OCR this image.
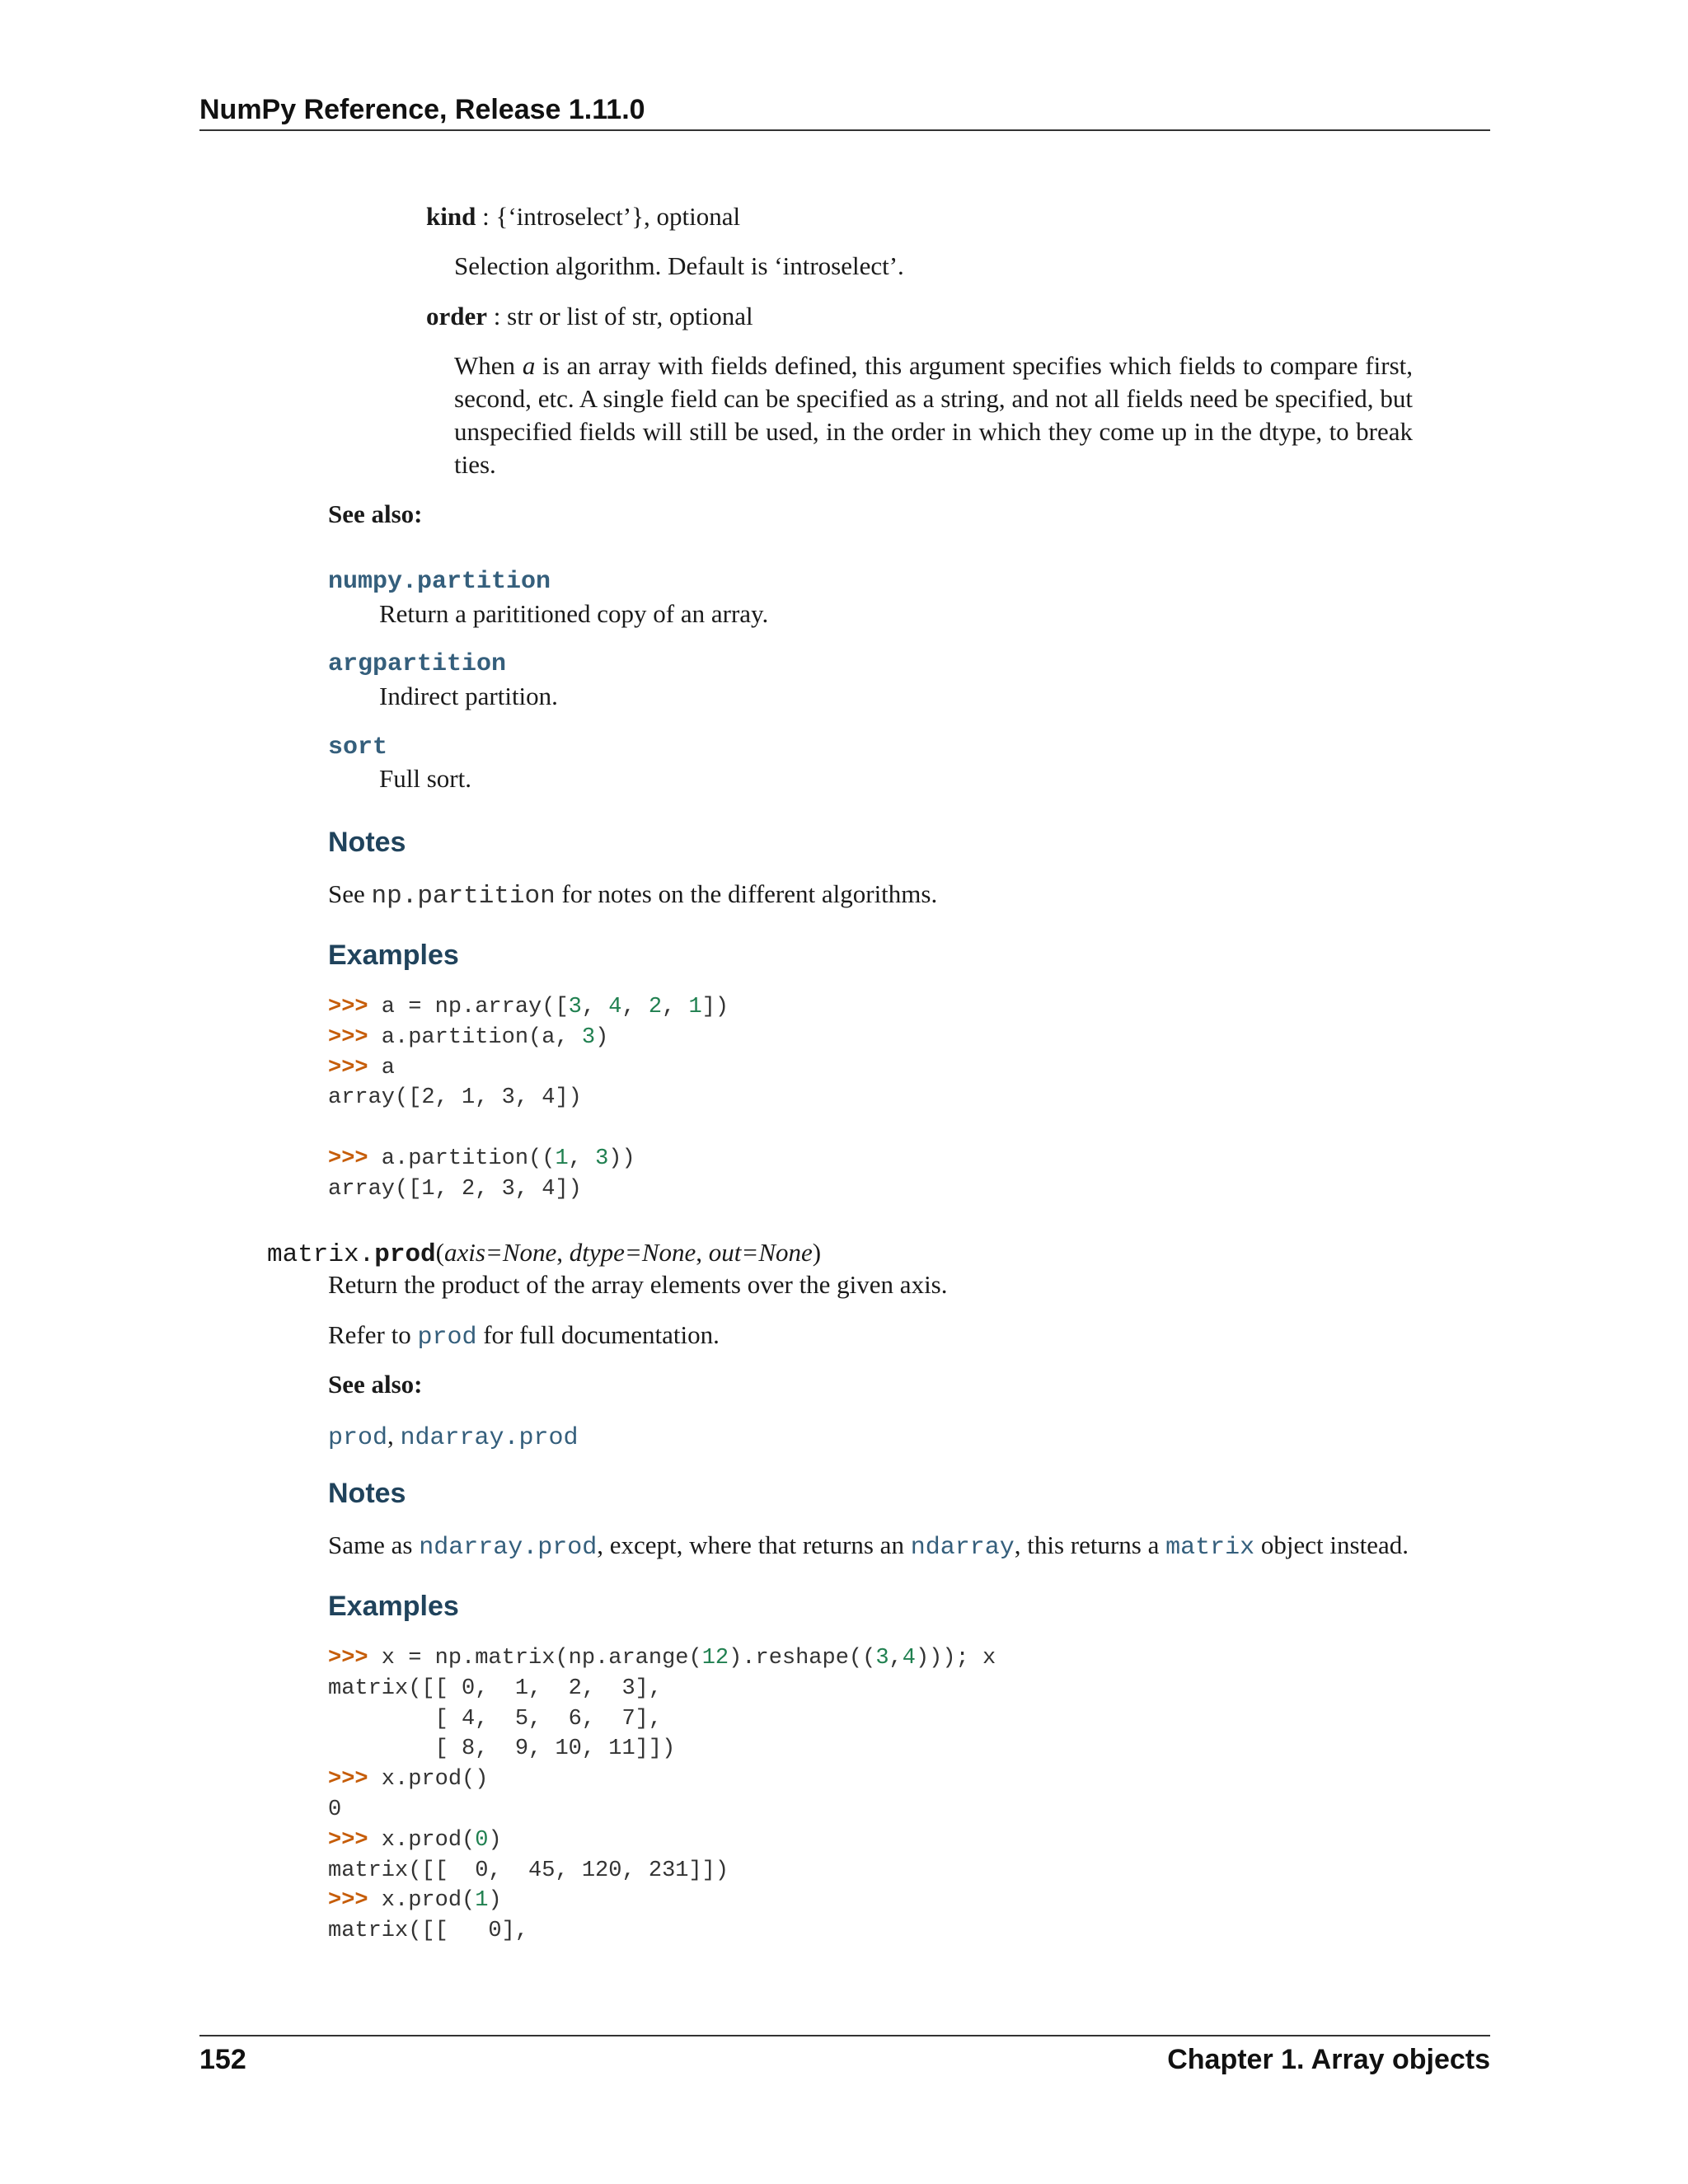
NumPy Reference, Release 1.11.0
kind : {‘introselect’}, optional
Selection algorithm. Default is ‘introselect’.
order : str or list of str, optional
When a is an array with fields defined, this argument specifies which fields to compare first, second, etc. A single field can be specified as a string, and not all fields need be specified, but unspecified fields will still be used, in the order in which they come up in the dtype, to break ties.
See also:
numpy.partition
Return a parititioned copy of an array.
argpartition
Indirect partition.
sort
Full sort.
Notes
See np.partition for notes on the different algorithms.
Examples
>>> a = np.array([3, 4, 2, 1])
>>> a.partition(a, 3)
>>> a
array([2, 1, 3, 4])

>>> a.partition((1, 3))
array([1, 2, 3, 4])
matrix.prod(axis=None, dtype=None, out=None)
Return the product of the array elements over the given axis.
Refer to prod for full documentation.
See also:
prod, ndarray.prod
Notes
Same as ndarray.prod, except, where that returns an ndarray, this returns a matrix object instead.
Examples
>>> x = np.matrix(np.arange(12).reshape((3,4))); x
matrix([[ 0,  1,  2,  3],
[ 4,  5,  6,  7],
[ 8,  9, 10, 11]])
>>> x.prod()
0
>>> x.prod(0)
matrix([[  0,  45, 120, 231]])
>>> x.prod(1)
matrix([[   0],
152	Chapter 1. Array objects
